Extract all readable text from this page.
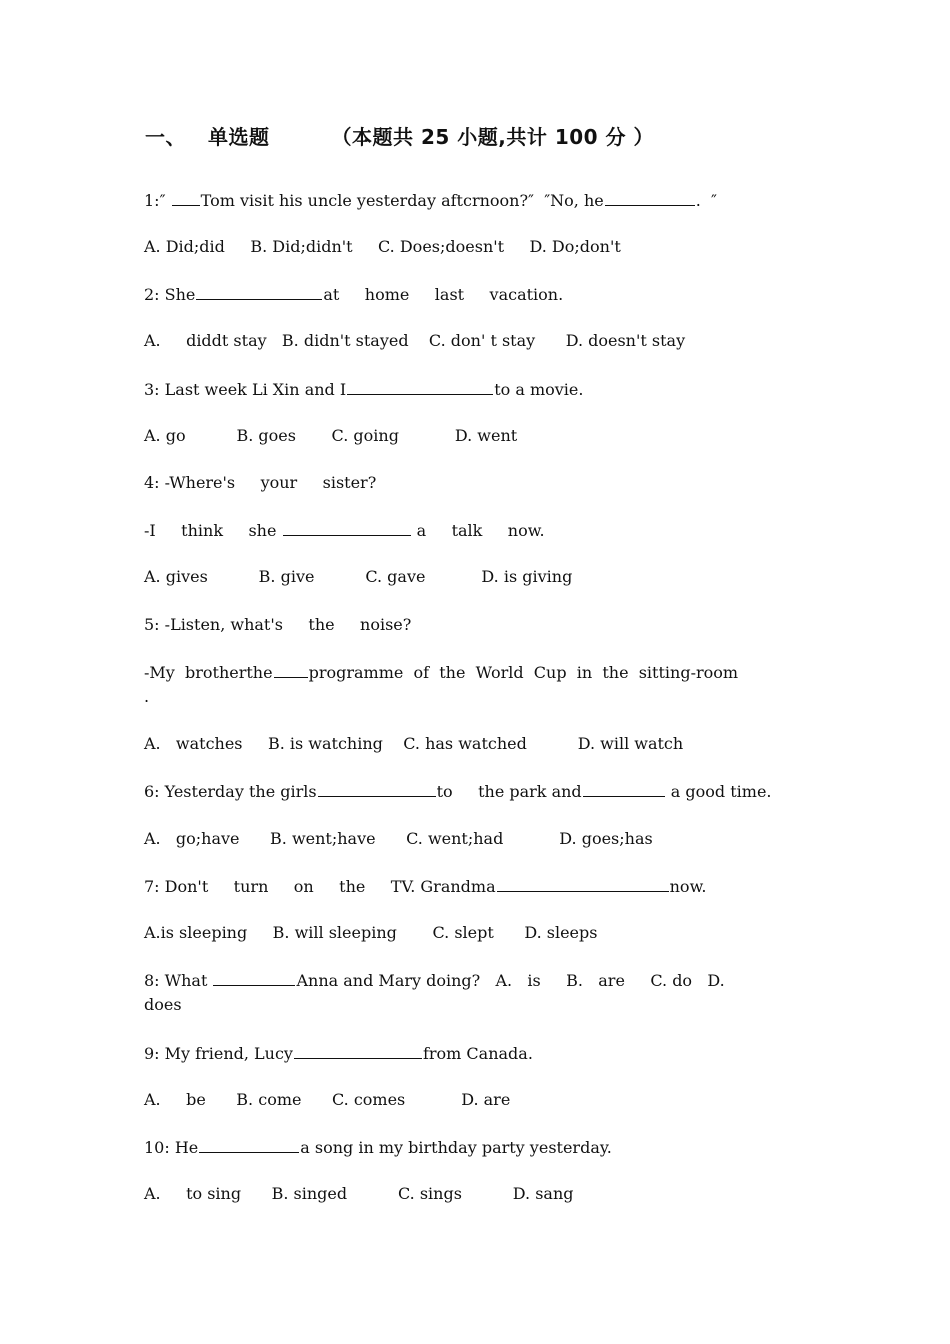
一、 单选题	（本题共 25 小题,共计 100 分 ）
1:″ Tom visit his uncle yesterday aftcrnoon?″  ″No, he	.  ″
A. Did;did     B. Did;didn't     C. Does;doesn't     D. Do;don't
2: She	at     home     last     vacation.
A.     diddt stay   B. didn't stayed    C. don' t stay      D. doesn't stay
3: Last week Li Xin and I	to a movie.
A. go          B. goes       C. going           D. went
4: -Where's     your     sister?
-I     think     she	a     talk     now.
A. gives          B. give          C. gave           D. is giving
5: -Listen, what's     the     noise?
-My  brotherthe programme  of  the  World  Cup  in  the  sitting-room
.
A.   watches     B. is watching    C. has watched          D. will watch
6: Yesterday the girls	to     the park and	a good time.
A.   go;have      B. went;have      C. went;had           D. goes;has
7: Don't     turn     on     the     TV. Grandma	now.
A.is sleeping     B. will sleeping       C. slept      D. sleeps
8: What	Anna and Mary doing?   A.   is     B.   are     C. do   D.
does
9: My friend, Lucy	from Canada.
A.     be      B. come      C. comes           D. are
10: He	a song in my birthday party yesterday.
A.     to sing      B. singed          C. sings          D. sang
